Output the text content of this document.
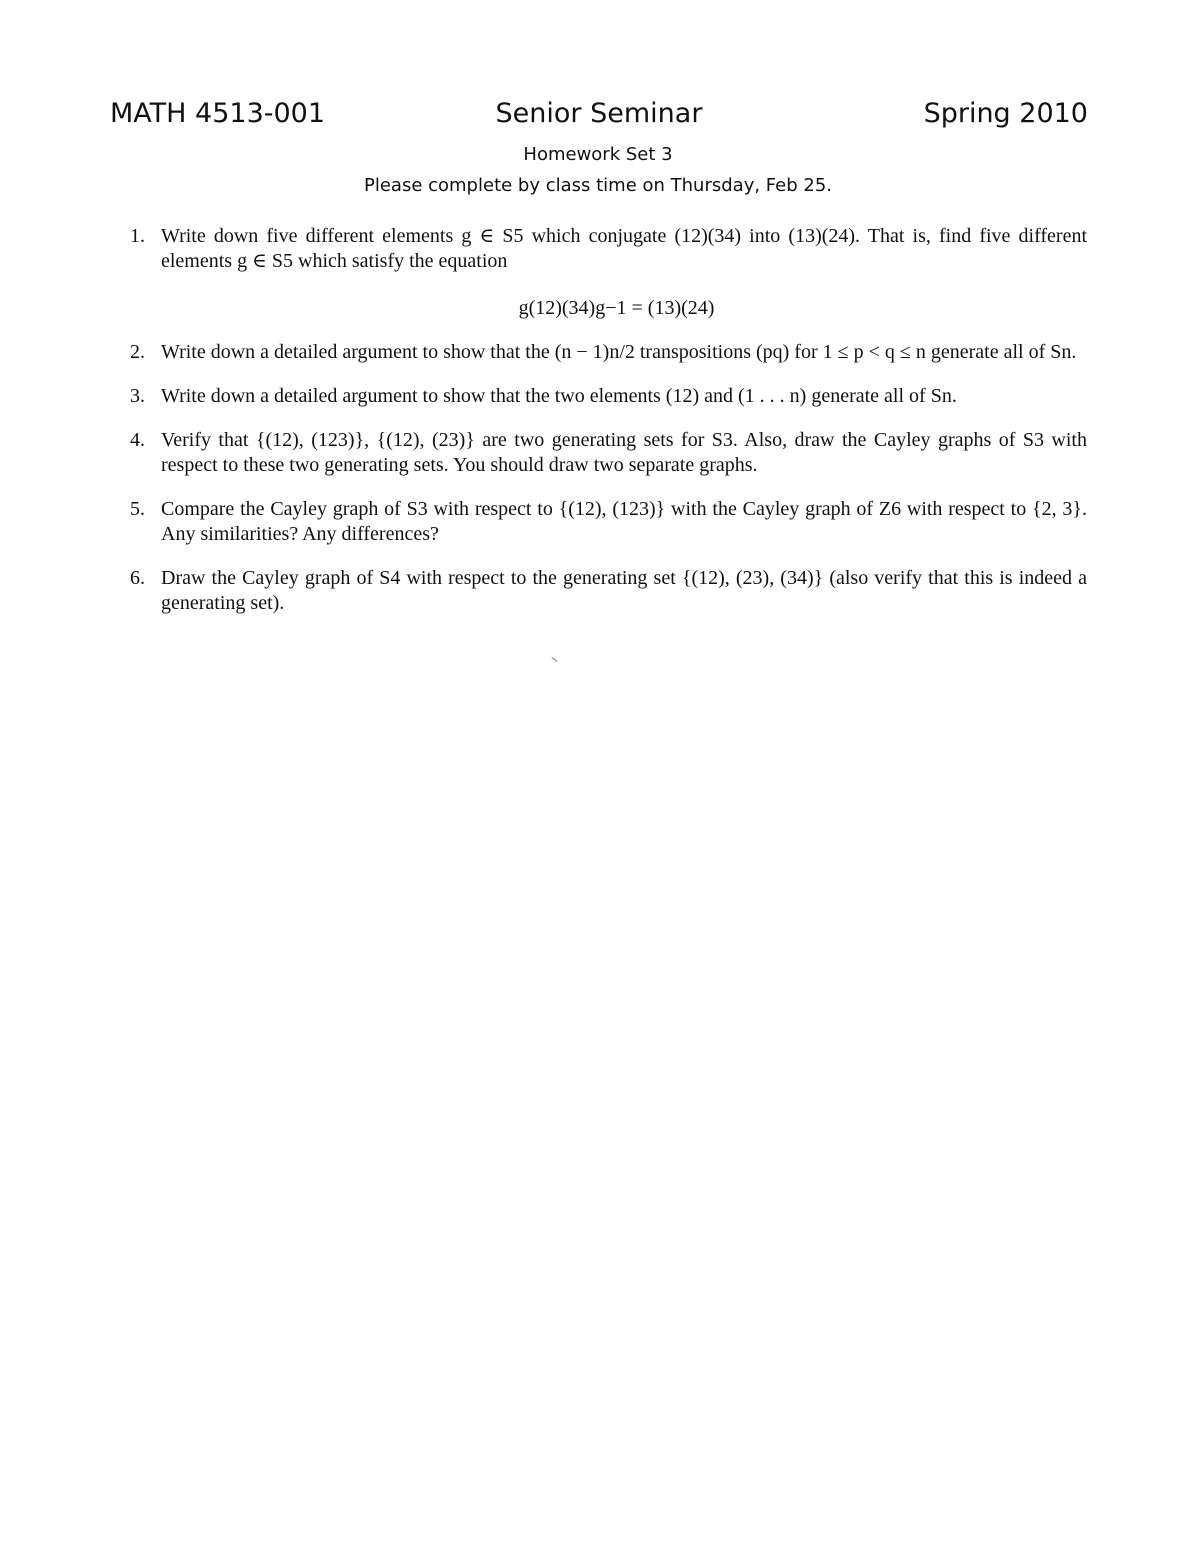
MATH 4513-001	Senior Seminar	Spring 2010
Homework Set 3
Please complete by class time on Thursday, Feb 25.
1. Write down five different elements g ∈ S5 which conjugate (12)(34) into (13)(24). That is, find five different elements g ∈ S5 which satisfy the equation
g(12)(34)g−1 = (13)(24)
2. Write down a detailed argument to show that the (n − 1)n/2 transpositions (pq) for 1 ≤ p < q ≤ n generate all of Sn.
3. Write down a detailed argument to show that the two elements (12) and (1 . . . n) generate all of Sn.
4. Verify that {(12), (123)}, {(12), (23)} are two generating sets for S3. Also, draw the Cayley graphs of S3 with respect to these two generating sets. You should draw two separate graphs.
5. Compare the Cayley graph of S3 with respect to {(12), (123)} with the Cayley graph of Z6 with respect to {2, 3}. Any similarities? Any differences?
6. Draw the Cayley graph of S4 with respect to the generating set {(12), (23), (34)} (also verify that this is indeed a generating set).
